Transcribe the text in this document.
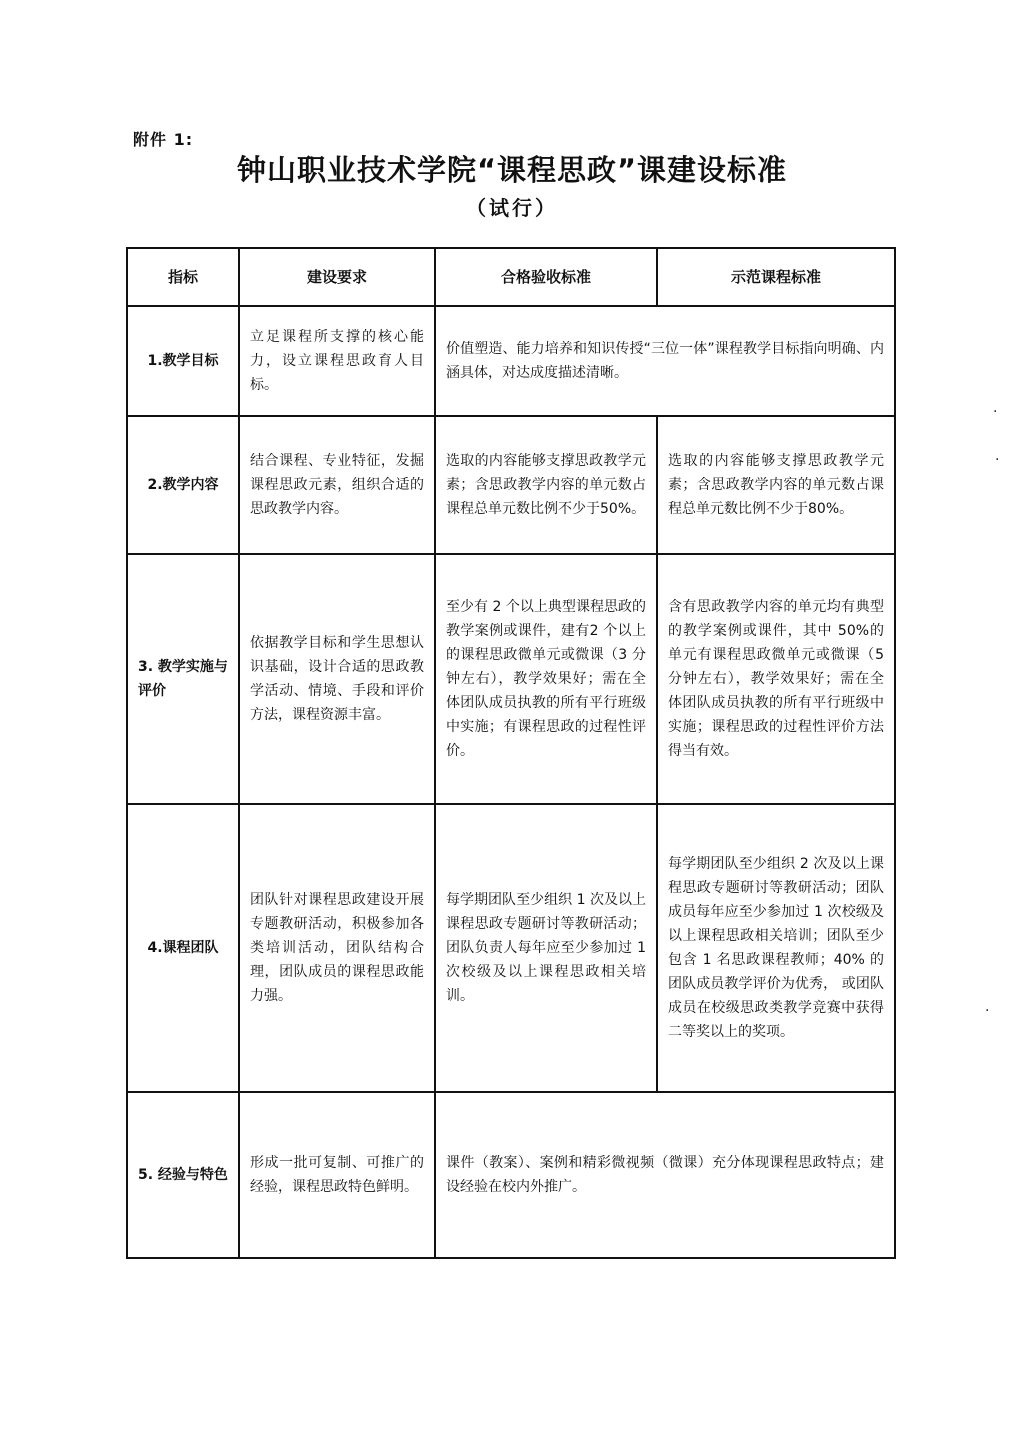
附件 1:
钟山职业技术学院“课程思政”课建设标准
（试行）
指标	建设要求	合格验收标准	示范课程标准
1.教学目标	立足课程所支撑的核心能力，设立课程思政育人目标。	价值塑造、能力培养和知识传授“三位一体”课程教学目标指向明确、内涵具体，对达成度描述清晰。	
2.教学内容	结合课程、专业特征，发掘课程思政元素，组织合适的思政教学内容。	选取的内容能够支撑思政教学元素；含思政教学内容的单元数占课程总单元数比例不少于50%。	选取的内容能够支撑思政教学元素；含思政教学内容的单元数占课程总单元数比例不少于80%。
3. 教学实施与评价	依据教学目标和学生思想认识基础，设计合适的思政教学活动、情境、手段和评价方法，课程资源丰富。	至少有 2 个以上典型课程思政的教学案例或课件，建有2 个以上的课程思政微单元或微课（3 分钟左右），教学效果好；需在全体团队成员执教的所有平行班级中实施；有课程思政的过程性评价。	含有思政教学内容的单元均有典型的教学案例或课件，其中 50%的单元有课程思政微单元或微课（5 分钟左右），教学效果好；需在全体团队成员执教的所有平行班级中实施；课程思政的过程性评价方法得当有效。
4.课程团队	团队针对课程思政建设开展专题教研活动，积极参加各类培训活动，团队结构合理，团队成员的课程思政能力强。	每学期团队至少组织 1 次及以上课程思政专题研讨等教研活动；团队负责人每年应至少参加过 1 次校级及以上课程思政相关培训。	每学期团队至少组织 2 次及以上课程思政专题研讨等教研活动；团队成员每年应至少参加过 1 次校级及以上课程思政相关培训；团队至少包含 1 名思政课程教师；40% 的团队成员教学评价为优秀， 或团队成员在校级思政类教学竞赛中获得二等奖以上的奖项。
5. 经验与特色	形成一批可复制、可推广的经验，课程思政特色鲜明。	课件（教案）、案例和精彩微视频（微课）充分体现课程思政特点；建设经验在校内外推广。	
·
·
·
